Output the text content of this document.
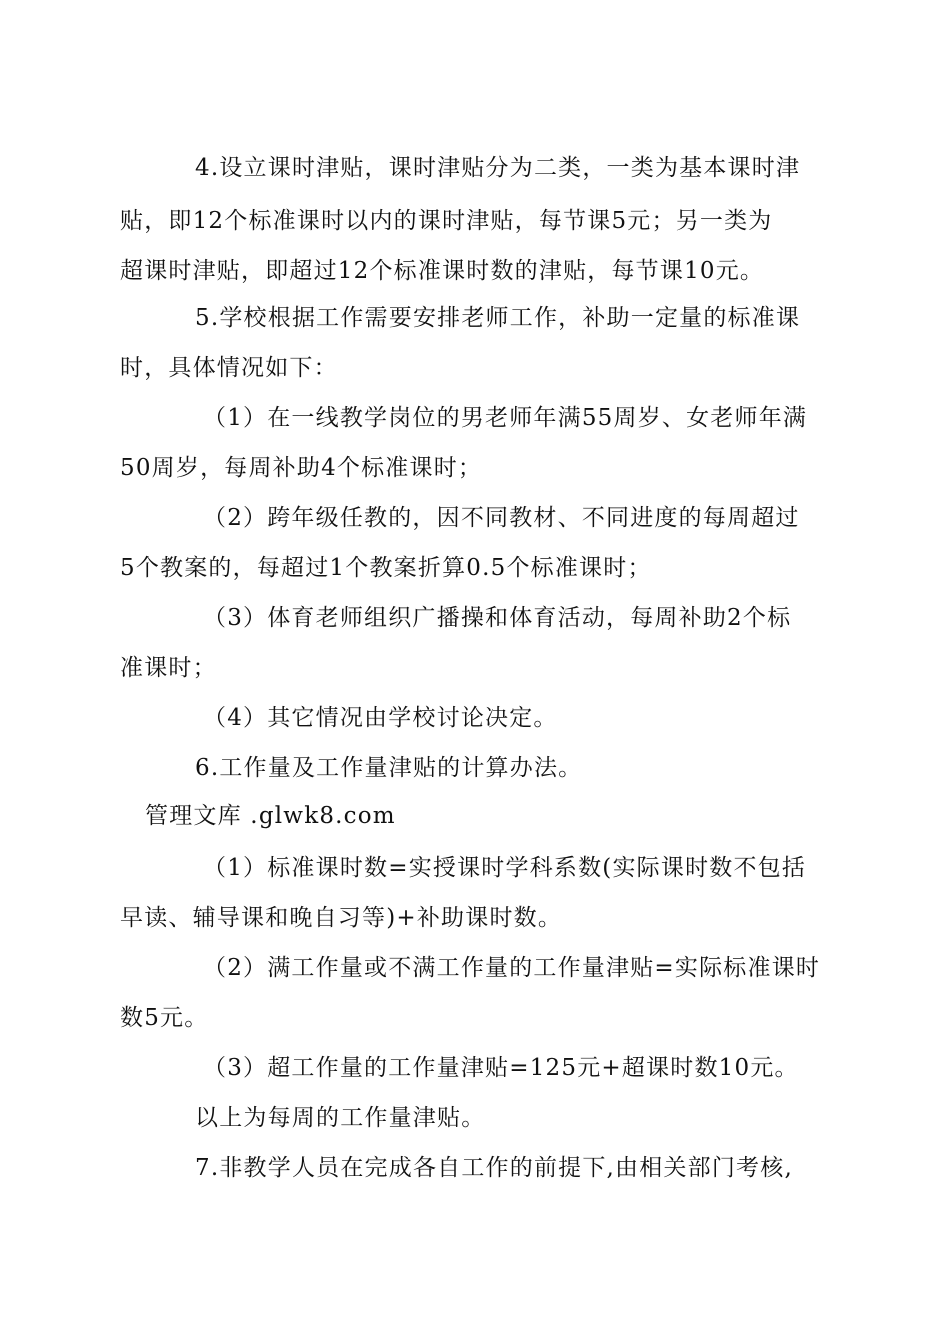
4.设立课时津贴，课时津贴分为二类，一类为基本课时津
贴，即12个标准课时以内的课时津贴，每节课5元；另一类为
超课时津贴，即超过12个标准课时数的津贴，每节课10元。
5.学校根据工作需要安排老师工作，补助一定量的标准课
时，具体情况如下：
（1）在一线教学岗位的男老师年满55周岁、女老师年满
50周岁，每周补助4个标准课时；
（2）跨年级任教的，因不同教材、不同进度的每周超过
5个教案的，每超过1个教案折算0.5个标准课时；
（3）体育老师组织广播操和体育活动，每周补助2个标
准课时；
（4）其它情况由学校讨论决定。
6.工作量及工作量津贴的计算办法。
管理文库 .glwk8.com
（1）标准课时数=实授课时学科系数(实际课时数不包括
早读、辅导课和晚自习等)+补助课时数。
（2）满工作量或不满工作量的工作量津贴=实际标准课时
数5元。
（3）超工作量的工作量津贴=125元+超课时数10元。
以上为每周的工作量津贴。
7.非教学人员在完成各自工作的前提下,由相关部门考核,
